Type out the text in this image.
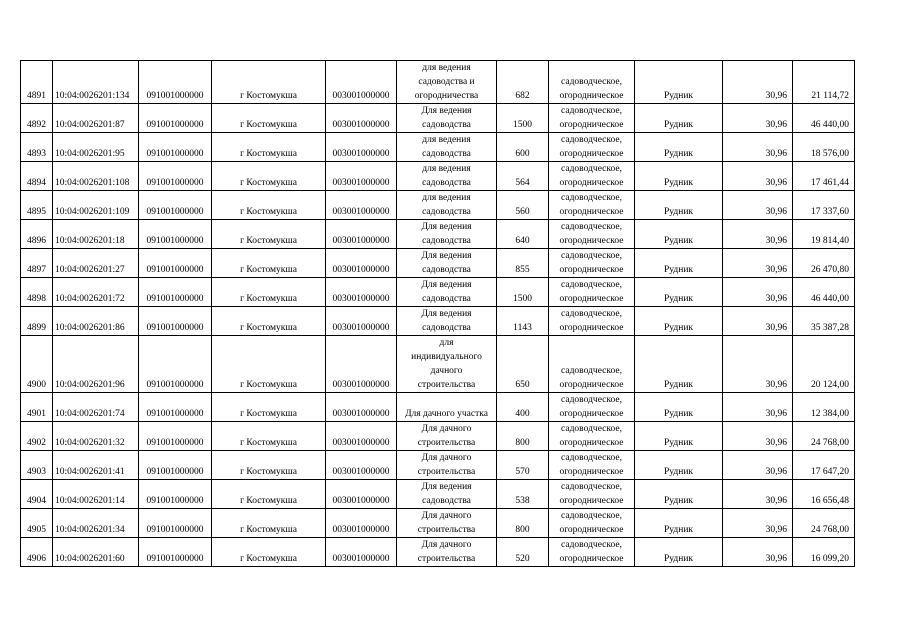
4891	10:04:0026201:134	091001000000	г Костомукша	003001000000	для ведения
садоводства и
огородничества	682	садоводческое,
огородническое	Рудник	30,96	21 114,72
4892	10:04:0026201:87	091001000000	г Костомукша	003001000000	Для ведения
садоводства	1500	садоводческое,
огородническое	Рудник	30,96	46 440,00
4893	10:04:0026201:95	091001000000	г Костомукша	003001000000	для ведения
садоводства	600	садоводческое,
огородническое	Рудник	30,96	18 576,00
4894	10:04:0026201:108	091001000000	г Костомукша	003001000000	для ведения
садоводства	564	садоводческое,
огородническое	Рудник	30,96	17 461,44
4895	10:04:0026201:109	091001000000	г Костомукша	003001000000	для ведения
садоводства	560	садоводческое,
огородническое	Рудник	30,96	17 337,60
4896	10:04:0026201:18	091001000000	г Костомукша	003001000000	Для ведения
садоводства	640	садоводческое,
огородническое	Рудник	30,96	19 814,40
4897	10:04:0026201:27	091001000000	г Костомукша	003001000000	Для ведения
садоводства	855	садоводческое,
огородническое	Рудник	30,96	26 470,80
4898	10:04:0026201:72	091001000000	г Костомукша	003001000000	Для ведения
садоводства	1500	садоводческое,
огородническое	Рудник	30,96	46 440,00
4899	10:04:0026201:86	091001000000	г Костомукша	003001000000	Для ведения
садоводства	1143	садоводческое,
огородническое	Рудник	30,96	35 387,28
4900	10:04:0026201:96	091001000000	г Костомукша	003001000000	для
индивидуального
дачного
строительства	650	садоводческое,
огородническое	Рудник	30,96	20 124,00
4901	10:04:0026201:74	091001000000	г Костомукша	003001000000	Для дачного участка	400	садоводческое,
огородническое	Рудник	30,96	12 384,00
4902	10:04:0026201:32	091001000000	г Костомукша	003001000000	Для дачного
строительства	800	садоводческое,
огородническое	Рудник	30,96	24 768,00
4903	10:04:0026201:41	091001000000	г Костомукша	003001000000	Для дачного
строительства	570	садоводческое,
огородническое	Рудник	30,96	17 647,20
4904	10:04:0026201:14	091001000000	г Костомукша	003001000000	Для ведения
садоводства	538	садоводческое,
огородническое	Рудник	30,96	16 656,48
4905	10:04:0026201:34	091001000000	г Костомукша	003001000000	Для дачного
строительства	800	садоводческое,
огородническое	Рудник	30,96	24 768,00
4906	10:04:0026201:60	091001000000	г Костомукша	003001000000	Для дачного
строительства	520	садоводческое,
огородническое	Рудник	30,96	16 099,20
